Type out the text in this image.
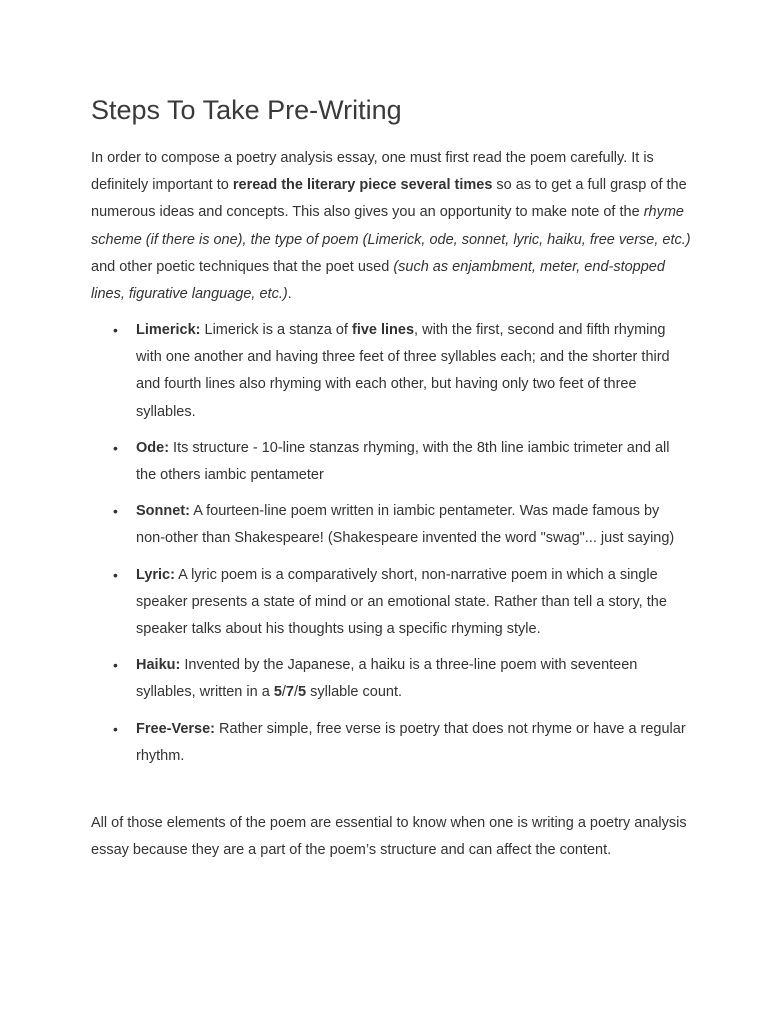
Steps To Take Pre-Writing

In order to compose a poetry analysis essay, one must first read the poem carefully. It is definitely important to reread the literary piece several times so as to get a full grasp of the numerous ideas and concepts. This also gives you an opportunity to make note of the rhyme scheme (if there is one), the type of poem (Limerick, ode, sonnet, lyric, haiku, free verse, etc.) and other poetic techniques that the poet used (such as enjambment, meter, end-stopped lines, figurative language, etc.).

• Limerick: Limerick is a stanza of five lines, with the first, second and fifth rhyming with one another and having three feet of three syllables each; and the shorter third and fourth lines also rhyming with each other, but having only two feet of three syllables.
• Ode: Its structure - 10-line stanzas rhyming, with the 8th line iambic trimeter and all the others iambic pentameter
• Sonnet: A fourteen-line poem written in iambic pentameter. Was made famous by non-other than Shakespeare! (Shakespeare invented the word "swag"... just saying)
• Lyric: A lyric poem is a comparatively short, non-narrative poem in which a single speaker presents a state of mind or an emotional state. Rather than tell a story, the speaker talks about his thoughts using a specific rhyming style.
• Haiku: Invented by the Japanese, a haiku is a three-line poem with seventeen syllables, written in a 5/7/5 syllable count.
• Free-Verse: Rather simple, free verse is poetry that does not rhyme or have a regular rhythm.

All of those elements of the poem are essential to know when one is writing a poetry analysis essay because they are a part of the poem’s structure and can affect the content.
